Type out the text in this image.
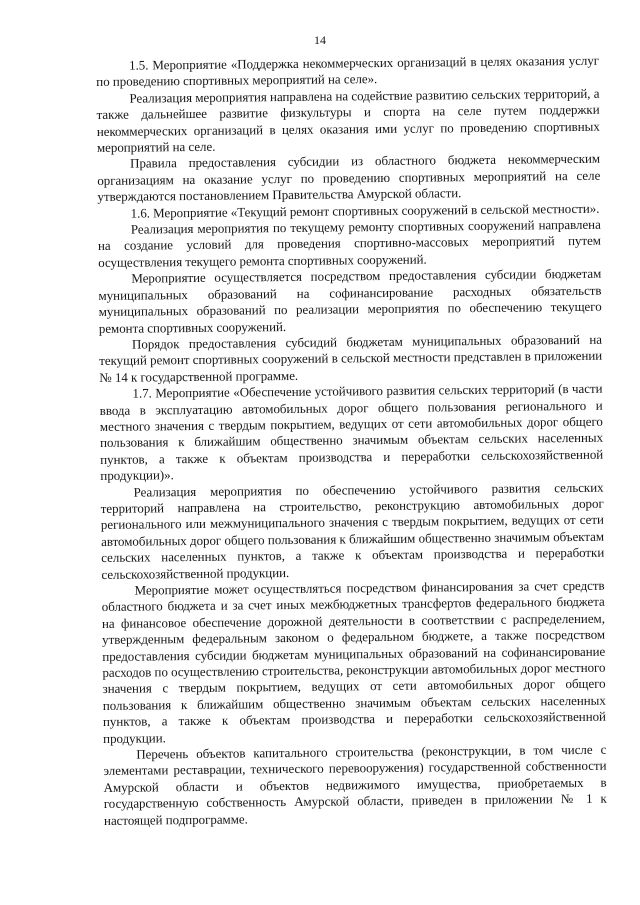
14

1.5. Мероприятие «Поддержка некоммерческих организаций в целях оказания услуг по проведению спортивных мероприятий на селе».

Реализация мероприятия направлена на содействие развитию сельских территорий, а также дальнейшее развитие физкультуры и спорта на селе путем поддержки некоммерческих организаций в целях оказания ими услуг по проведению спортивных мероприятий на селе.

Правила предоставления субсидии из областного бюджета некоммерческим организациям на оказание услуг по проведению спортивных мероприятий на селе утверждаются постановлением Правительства Амурской области.

1.6. Мероприятие «Текущий ремонт спортивных сооружений в сельской местности».

Реализация мероприятия по текущему ремонту спортивных сооружений направлена на создание условий для проведения спортивно-массовых мероприятий путем осуществления текущего ремонта спортивных сооружений.

Мероприятие осуществляется посредством предоставления субсидии бюджетам муниципальных образований на софинансирование расходных обязательств муниципальных образований по реализации мероприятия по обеспечению текущего ремонта спортивных сооружений.

Порядок предоставления субсидий бюджетам муниципальных образований на текущий ремонт спортивных сооружений в сельской местности представлен в приложении № 14 к государственной программе.

1.7. Мероприятие «Обеспечение устойчивого развития сельских территорий (в части ввода в эксплуатацию автомобильных дорог общего пользования регионального и местного значения с твердым покрытием, ведущих от сети автомобильных дорог общего пользования к ближайшим общественно значимым объектам сельских населенных пунктов, а также к объектам производства и переработки сельскохозяйственной продукции)».

Реализация мероприятия по обеспечению устойчивого развития сельских территорий направлена на строительство, реконструкцию автомобильных дорог регионального или межмуниципального значения с твердым покрытием, ведущих от сети автомобильных дорог общего пользования к ближайшим общественно значимым объектам сельских населенных пунктов, а также к объектам производства и переработки сельскохозяйственной продукции.

Мероприятие может осуществляться посредством финансирования за счет средств областного бюджета и за счет иных межбюджетных трансфертов федерального бюджета на финансовое обеспечение дорожной деятельности в соответствии с распределением, утвержденным федеральным законом о федеральном бюджете, а также посредством предоставления субсидии бюджетам муниципальных образований на софинансирование расходов по осуществлению строительства, реконструкции автомобильных дорог местного значения с твердым покрытием, ведущих от сети автомобильных дорог общего пользования к ближайшим общественно значимым объектам сельских населенных пунктов, а также к объектам производства и переработки сельскохозяйственной продукции.

Перечень объектов капитального строительства (реконструкции, в том числе с элементами реставрации, технического перевооружения) государственной собственности Амурской области и объектов недвижимого имущества, приобретаемых в государственную собственность Амурской области, приведен в приложении № 1 к настоящей подпрограмме.
